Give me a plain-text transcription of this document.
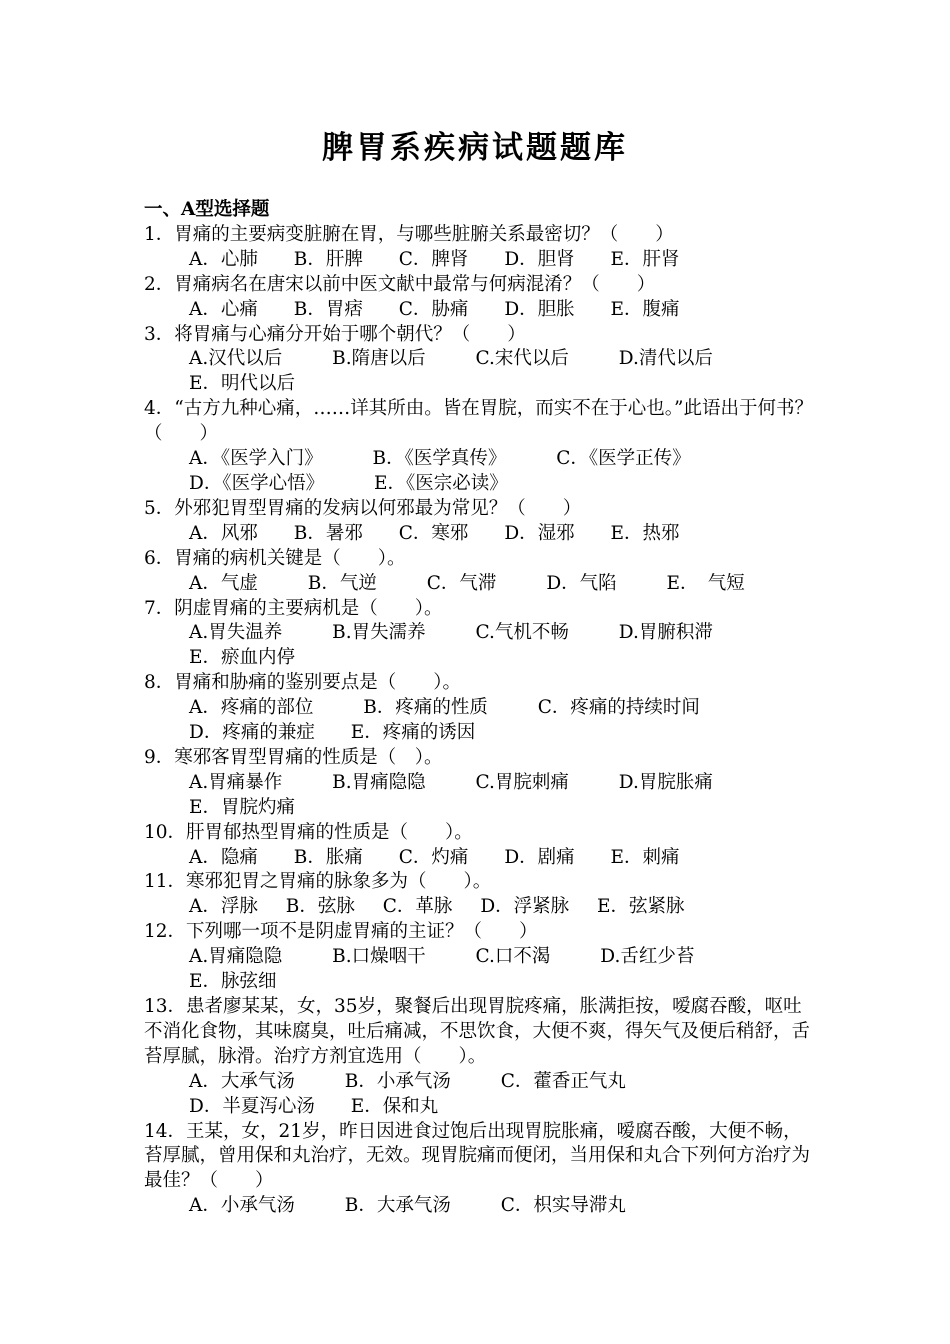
脾胃系疾病试题题库
一、A型选择题
1．胃痛的主要病变脏腑在胃，与哪些脏腑关系最密切？（　　）
A．心肺 B．肝脾 C．脾肾 D．胆肾 E．肝肾
2．胃痛病名在唐宋以前中医文献中最常与何病混淆？（　　）
A．心痛 B．胃痞 C．胁痛 D．胆胀 E．腹痛
3．将胃痛与心痛分开始于哪个朝代？（　　）
A.汉代以后	B.隋唐以后	C.宋代以后	D.清代以后
E．明代以后
4．“古方九种心痛，……详其所由。皆在胃脘，而实不在于心也。”此语出于何书？（　　）
A．《医学入门》	B．《医学真传》	C．《医学正传》
D．《医学心悟》	E．《医宗必读》
5．外邪犯胃型胃痛的发病以何邪最为常见？（　　）
A．风邪 B．暑邪 C．寒邪 D．湿邪 E．热邪
6．胃痛的病机关键是（　　）。
A．气虚	B．气逆	C．气滞	D．气陷	E．　气短
7．阴虚胃痛的主要病机是（　　）。
A.胃失温养	B.胃失濡养	C.气机不畅	D.胃腑积滞
E．瘀血内停
8．胃痛和胁痛的鉴别要点是（　　）。
A．疼痛的部位	B．疼痛的性质	C．疼痛的持续时间
D．疼痛的兼症 E．疼痛的诱因
9．寒邪客胃型胃痛的性质是（　）。
A.胃痛暴作	B.胃痛隐隐	C.胃脘刺痛	D.胃脘胀痛
E．胃脘灼痛
10．肝胃郁热型胃痛的性质是（　　）。
A．隐痛 B．胀痛 C．灼痛 D．剧痛 E．刺痛
11．寒邪犯胃之胃痛的脉象多为（　　）。
A．浮脉 B．弦脉 C．革脉 D．浮紧脉 E．弦紧脉
12．下列哪一项不是阴虚胃痛的主证？（　　）
A.胃痛隐隐	B.口燥咽干	C.口不渴	D.舌红少苔
E．脉弦细
13．患者廖某某，女，35岁，聚餐后出现胃脘疼痛，胀满拒按，嗳腐吞酸，呕吐不消化食物，其味腐臭，吐后痛减，不思饮食，大便不爽，得矢气及便后稍舒，舌苔厚腻，脉滑。治疗方剂宜选用（　　）。
A．大承气汤	B．小承气汤	C．藿香正气丸
D．半夏泻心汤 E．保和丸
14．王某，女，21岁，昨日因进食过饱后出现胃脘胀痛，嗳腐吞酸，大便不畅，苔厚腻，曾用保和丸治疗，无效。现胃脘痛而便闭，当用保和丸合下列何方治疗为最佳？（　　）
A．小承气汤	B．大承气汤	C．枳实导滞丸
